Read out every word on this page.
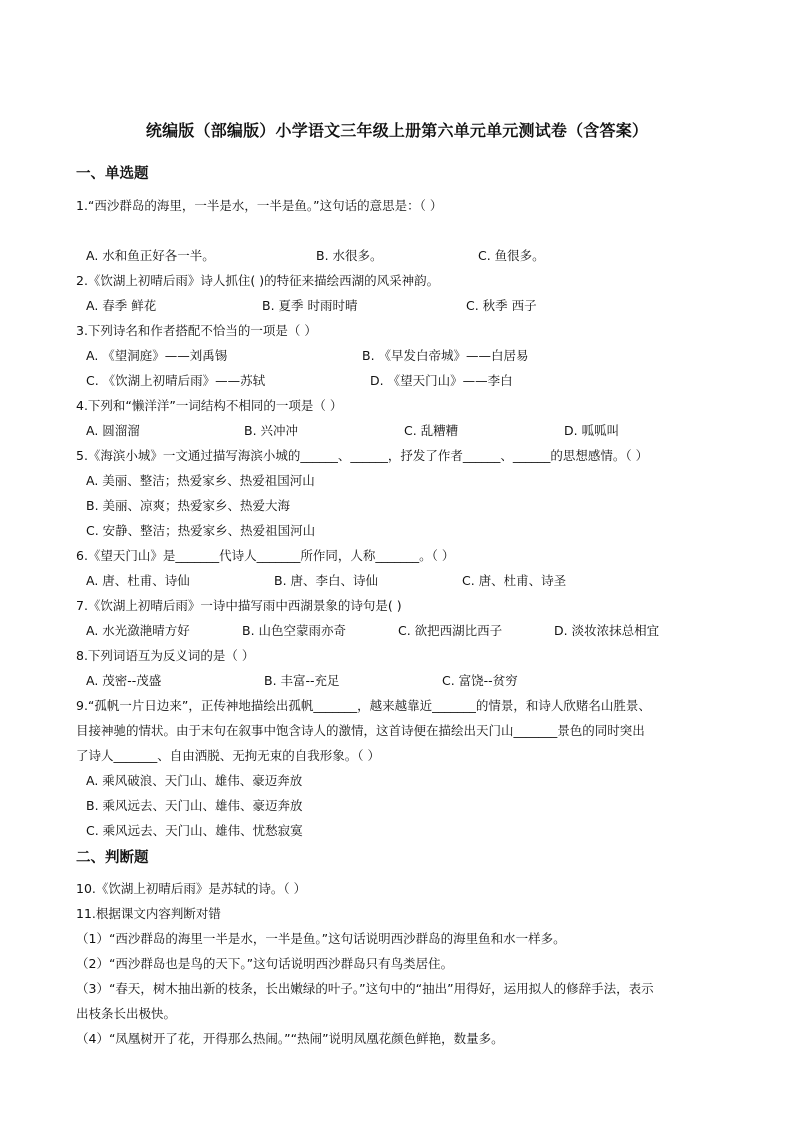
统编版（部编版）小学语文三年级上册第六单元单元测试卷（含答案）
一、单选题
1.“西沙群岛的海里，一半是水，一半是鱼。”这句话的意思是：（ ）
A. 水和鱼正好各一半。	B. 水很多。	C. 鱼很多。
2.《饮湖上初晴后雨》诗人抓住( )的特征来描绘西湖的风采神韵。
A. 春季 鲜花	B. 夏季 时雨时晴	C. 秋季 西子
3.下列诗名和作者搭配不恰当的一项是（ ）
A. 《望洞庭》——刘禹锡	B. 《早发白帝城》——白居易
C. 《饮湖上初晴后雨》——苏轼	D. 《望天门山》——李白
4.下列和“懒洋洋”一词结构不相同的一项是（ ）
A. 圆溜溜	B. 兴冲冲	C. 乱糟糟	D. 呱呱叫
5.《海滨小城》一文通过描写海滨小城的______、______，抒发了作者______、______的思想感情。（ ）
A. 美丽、整洁；热爱家乡、热爱祖国河山
B. 美丽、凉爽；热爱家乡、热爱大海
C. 安静、整洁；热爱家乡、热爱祖国河山
6.《望天门山》是_______代诗人_______所作同，人称_______。（ ）
A. 唐、杜甫、诗仙	B. 唐、李白、诗仙	C. 唐、杜甫、诗圣
7.《饮湖上初晴后雨》一诗中描写雨中西湖景象的诗句是( )
A. 水光潋滟晴方好	B. 山色空蒙雨亦奇	C. 欲把西湖比西子	D. 淡妆浓抹总相宜
8.下列词语互为反义词的是（ ）
A. 茂密--茂盛	B. 丰富--充足	C. 富饶--贫穷
9.“孤帆一片日边来”，正传神地描绘出孤帆_______，越来越靠近_______的情景，和诗人欣赌名山胜景、
目接神驰的情状。由于末句在叙事中饱含诗人的激情，这首诗便在描绘出天门山_______景色的同时突出
了诗人_______、自由洒脱、无拘无束的自我形象。（ ）
A. 乘风破浪、天门山、雄伟、豪迈奔放
B. 乘风远去、天门山、雄伟、豪迈奔放
C. 乘风远去、天门山、雄伟、忧愁寂寞
二、判断题
10.《饮湖上初晴后雨》是苏轼的诗。（ ）
11.根据课文内容判断对错
（1）“西沙群岛的海里一半是水，一半是鱼。”这句话说明西沙群岛的海里鱼和水一样多。
（2）“西沙群岛也是鸟的天下。”这句话说明西沙群岛只有鸟类居住。
（3）“春天，树木抽出新的枝条，长出嫩绿的叶子。”这句中的“抽出”用得好，运用拟人的修辞手法，表示
出枝条长出极快。
（4）“凤凰树开了花，开得那么热闹。”“热闹”说明凤凰花颜色鲜艳，数量多。
